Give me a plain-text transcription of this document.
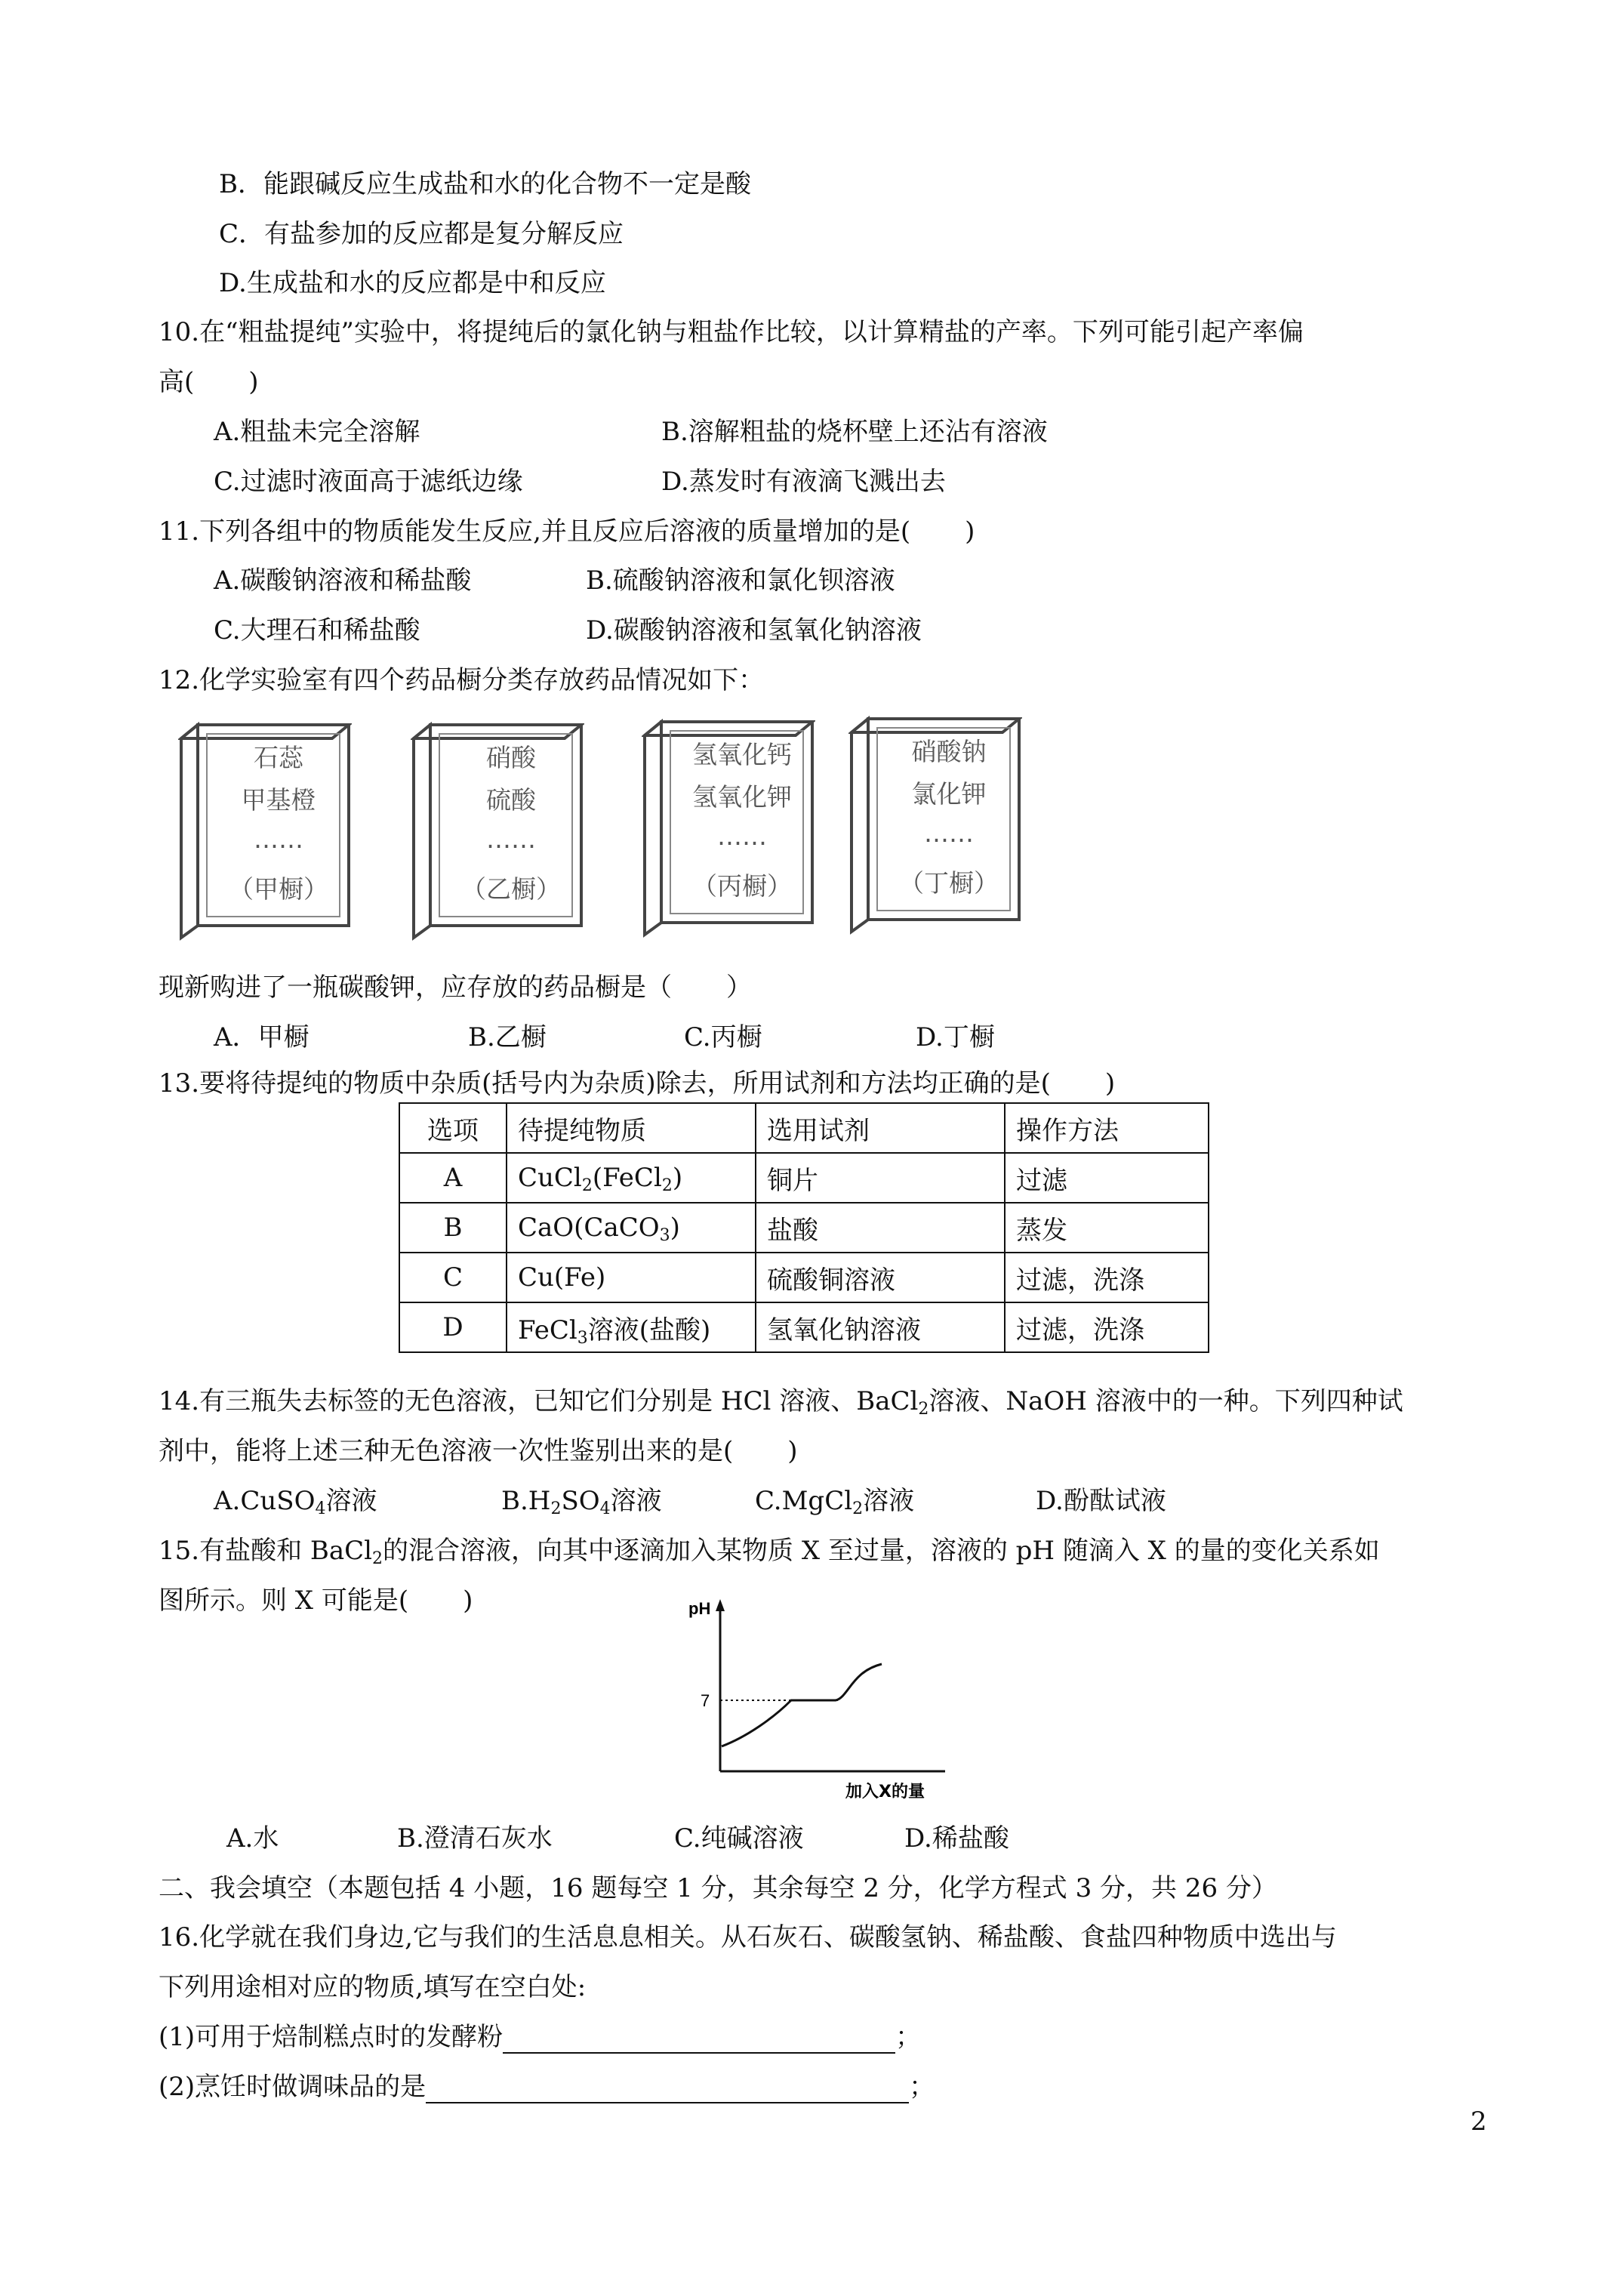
B．能跟碱反应生成盐和水的化合物不一定是酸
C．有盐参加的反应都是复分解反应
D.生成盐和水的反应都是中和反应
10.在“粗盐提纯”实验中，将提纯后的氯化钠与粗盐作比较，以计算精盐的产率。下列可能引起产率偏
高( )
A.粗盐未完全溶解	B.溶解粗盐的烧杯壁上还沾有溶液
C.过滤时液面高于滤纸边缘	D.蒸发时有液滴飞溅出去
11.下列各组中的物质能发生反应,并且反应后溶液的质量增加的是( )
A.碳酸钠溶液和稀盐酸	B.硫酸钠溶液和氯化钡溶液
C.大理石和稀盐酸	D.碳酸钠溶液和氢氧化钠溶液
12.化学实验室有四个药品橱分类存放药品情况如下：
石蕊
甲基橙
……
（甲橱）
硝酸
硫酸
……
（乙橱）
氢氧化钙
氢氧化钾
……
（丙橱）
硝酸钠
氯化钾
……
（丁橱）
现新购进了一瓶碳酸钾，应存放的药品橱是（ ）
A．甲橱	B.乙橱	C.丙橱	D.丁橱
13.要将待提纯的物质中杂质(括号内为杂质)除去，所用试剂和方法均正确的是( )
选项	待提纯物质	选用试剂	操作方法
A	CuCl$_2$(FeCl$_2$)	铜片	过滤
B	CaO(CaCO$_3$)	盐酸	蒸发
C	Cu(Fe)	硫酸铜溶液	过滤，洗涤
D	FeCl$_3$溶液(盐酸)	氢氧化钠溶液	过滤，洗涤
14.有三瓶失去标签的无色溶液，已知它们分别是 HCl 溶液、BaCl$_2$溶液、NaOH 溶液中的一种。下列四种试
剂中，能将上述三种无色溶液一次性鉴别出来的是( )
A.CuSO$_4$溶液	$B.H_2SO_4$溶液	C.MgCl$_2$溶液	D.酚酞试液
15.有盐酸和 BaCl$_2$的混合溶液，向其中逐滴加入某物质 X 至过量，溶液的 pH 随滴入 X 的量的变化关系如
图所示。则 X 可能是( )	pH
7
加入X的量
A.水	B.澄清石灰水	C.纯碱溶液	D.稀盐酸
二、我会填空（本题包括 4 小题，16 题每空 1 分，其余每空 2 分，化学方程式 3 分，共 26 分）
16.化学就在我们身边,它与我们的生活息息相关。从石灰石、碳酸氢钠、稀盐酸、食盐四种物质中选出与
下列用途相对应的物质,填写在空白处:
(1)可用于焙制糕点时的发酵粉	；
(2)烹饪时做调味品的是	；
2
